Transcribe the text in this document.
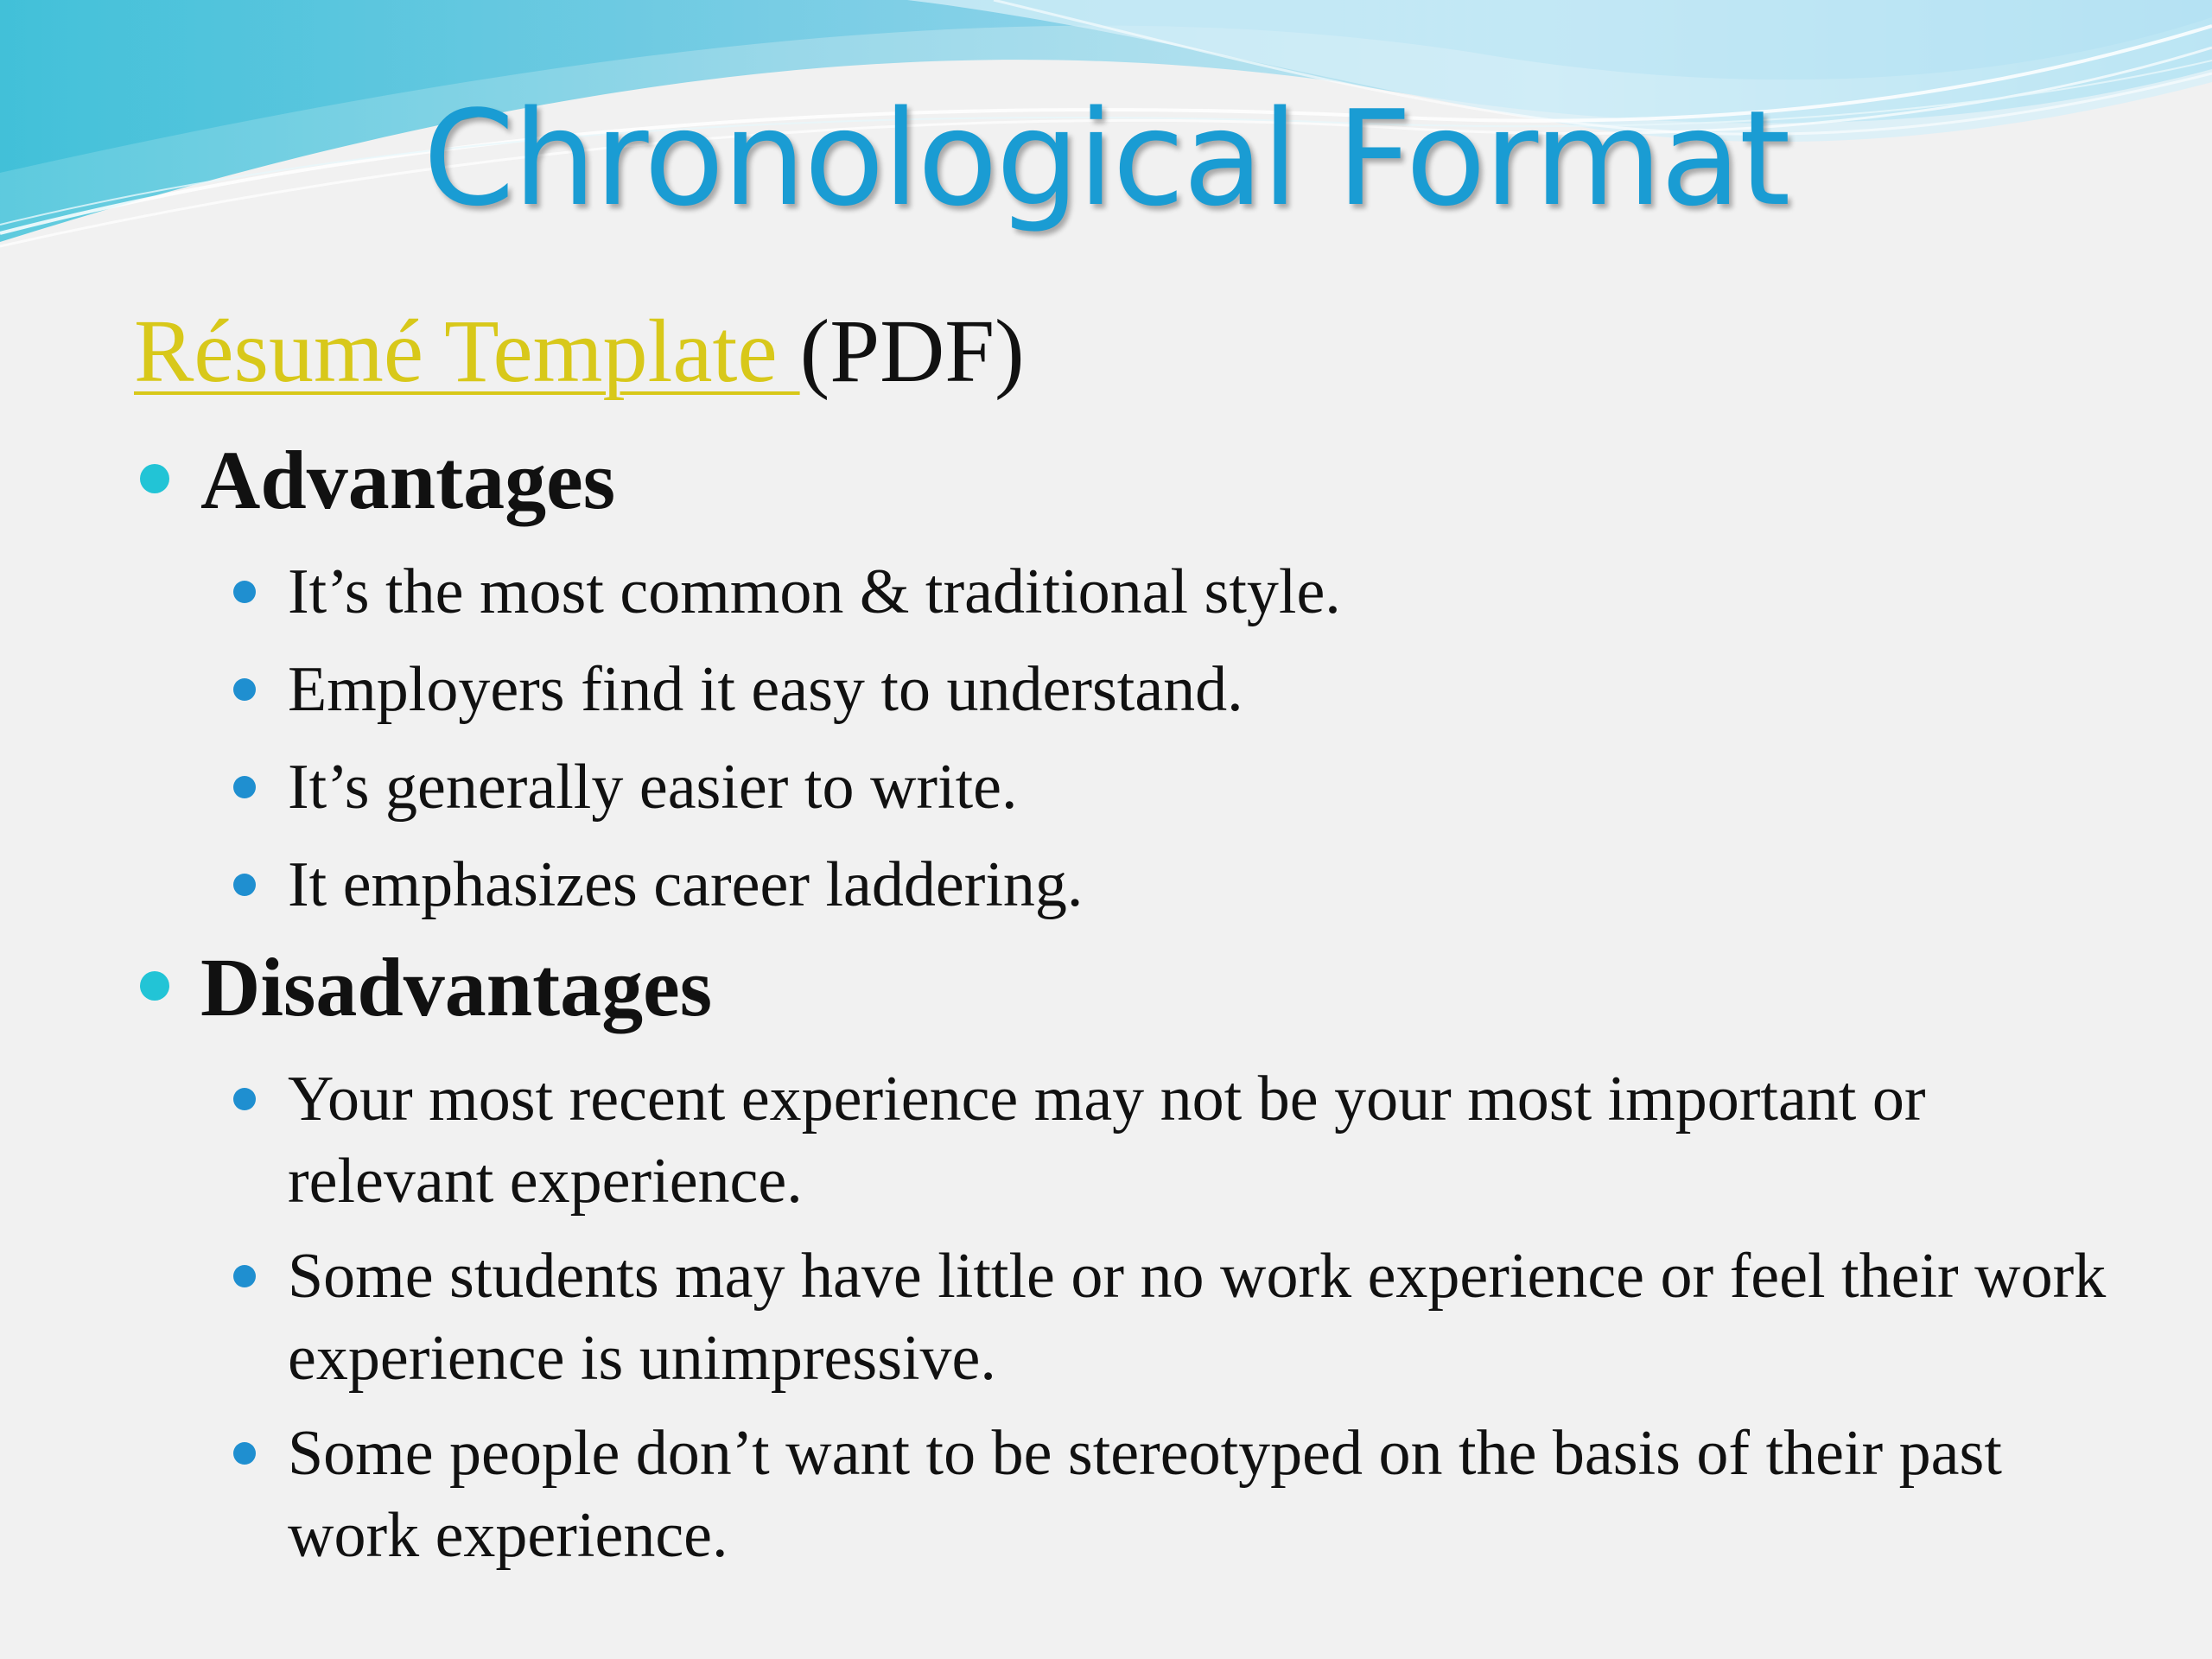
Chronological Format
Résumé Template (PDF)
Advantages
It’s the most common & traditional style.
Employers find it easy to understand.
It’s generally easier to write.
It emphasizes career laddering.
Disadvantages
Your most recent experience may not be your most important or relevant experience.
Some students may have little or no work experience or feel their work experience is unimpressive.
Some people don’t want to be stereotyped on the basis of their past work experience.
